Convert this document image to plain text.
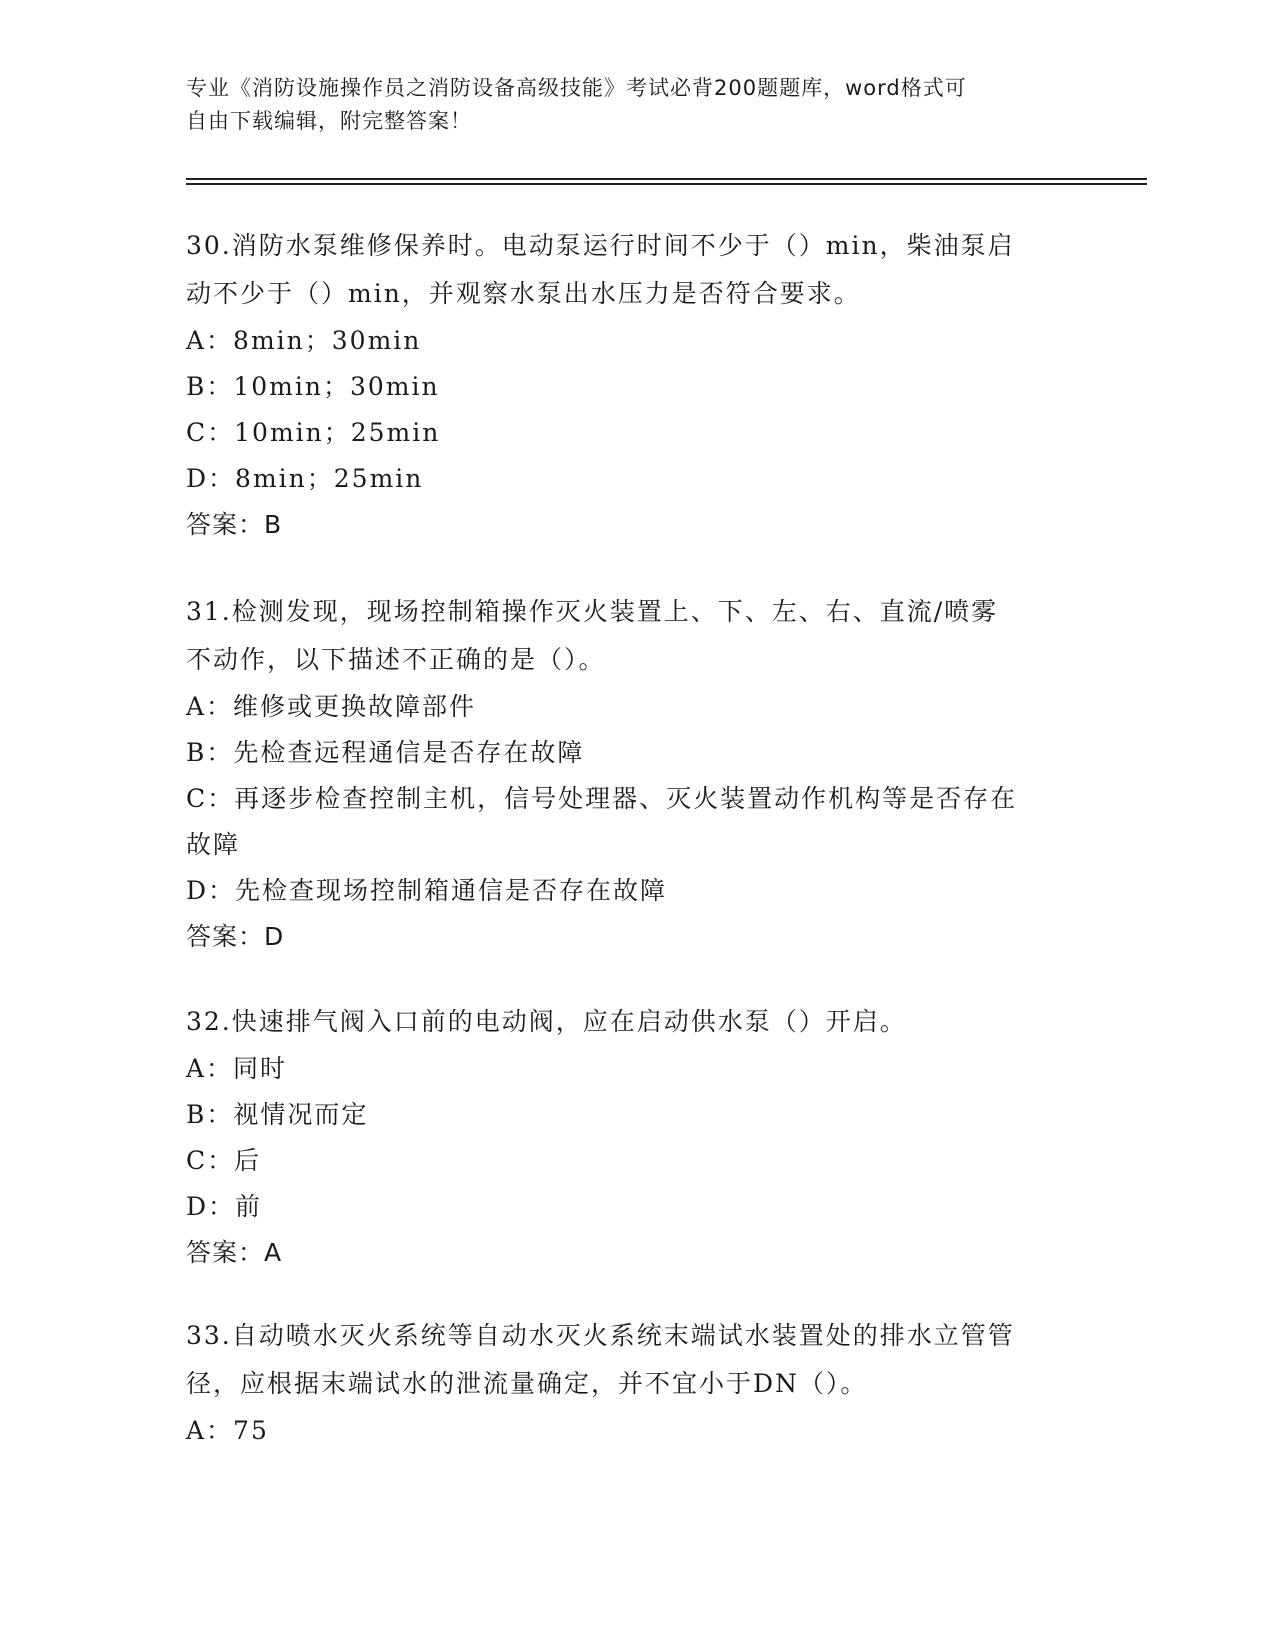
专业《消防设施操作员之消防设备高级技能》考试必背200题题库，word格式可
自由下载编辑，附完整答案！
30.消防水泵维修保养时。电动泵运行时间不少于（）min，柴油泵启
动不少于（）min，并观察水泵出水压力是否符合要求。
A：8min；30min
B：10min；30min
C：10min；25min
D：8min；25min
答案：B
31.检测发现，现场控制箱操作灭火装置上、下、左、右、直流/喷雾
不动作，以下描述不正确的是（）。
A：维修或更换故障部件
B：先检查远程通信是否存在故障
C：再逐步检查控制主机，信号处理器、灭火装置动作机构等是否存在
故障
D：先检查现场控制箱通信是否存在故障
答案：D
32.快速排气阀入口前的电动阀，应在启动供水泵（）开启。
A：同时
B：视情况而定
C：后
D：前
答案：A
33.自动喷水灭火系统等自动水灭火系统末端试水装置处的排水立管管
径，应根据末端试水的泄流量确定，并不宜小于DN（）。
A：75
